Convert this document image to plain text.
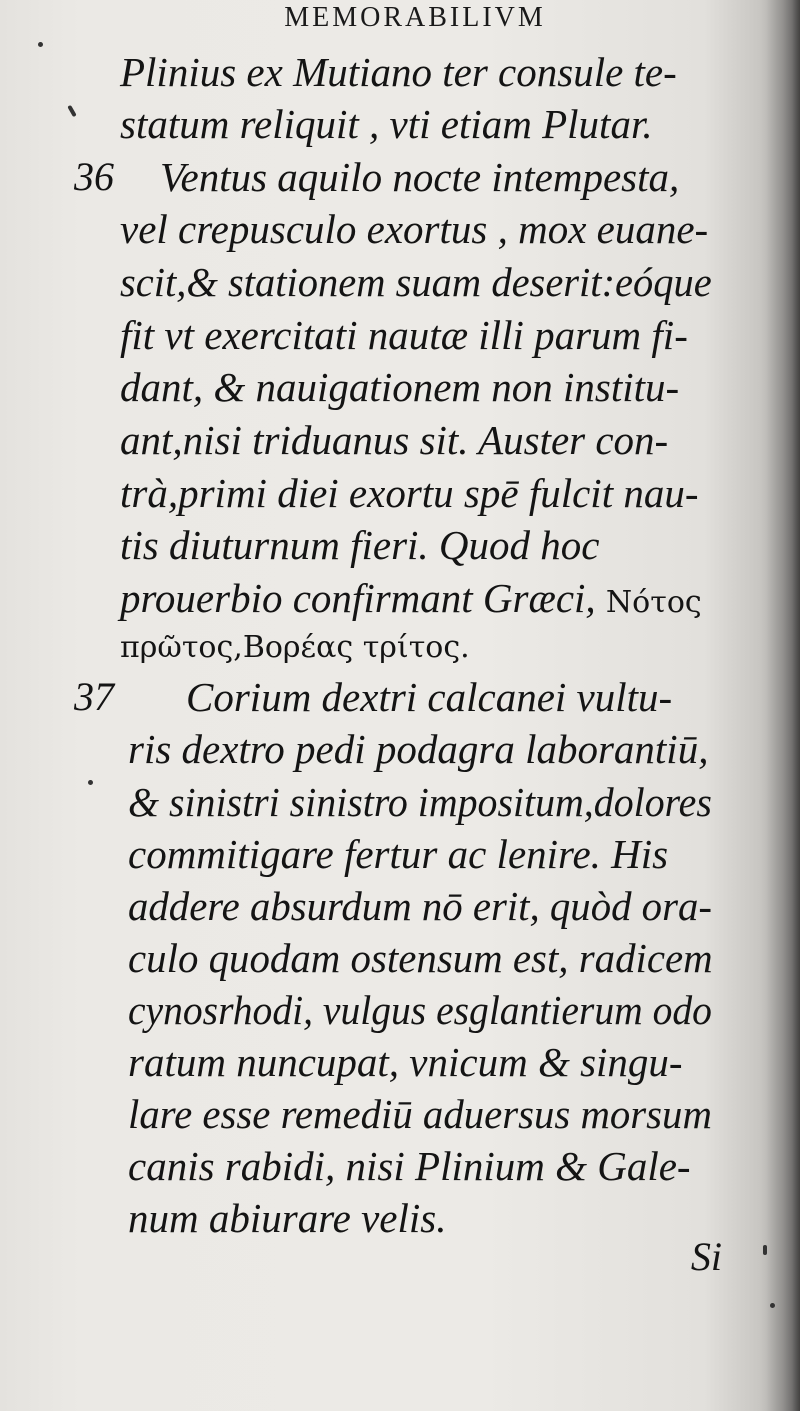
MEMORABILIVM
Plinius ex Mutiano ter consule te-
statum reliquit , vti etiam Plutar.
36 Ventus aquilo nocte intempesta,
vel crepusculo exortus , mox euane-
scit,& stationem suam deserit:eóque
fit vt exercitati nautæ illi parum fi-
dant, & nauigationem non institu-
ant,nisi triduanus sit. Auster con-
trà,primi diei exortu spē fulcit nau-
tis diuturnum fieri. Quod hoc
prouerbio confirmant Græci, Νότος
πρῶτος,Βορέας τρίτος.
37 Corium dextri calcanei vultu-
ris dextro pedi podagra laborantiū,
& sinistri sinistro impositum,dolores
commitigare fertur ac lenire. His
addere absurdum nō erit, quòd ora-
culo quodam ostensum est, radicem
cynosrhodi, vulgus esglantierum odo
ratum nuncupat, vnicum & singu-
lare esse remediū aduersus morsum
canis rabidi, nisi Plinium & Gale-
num abiurare velis.
Si
